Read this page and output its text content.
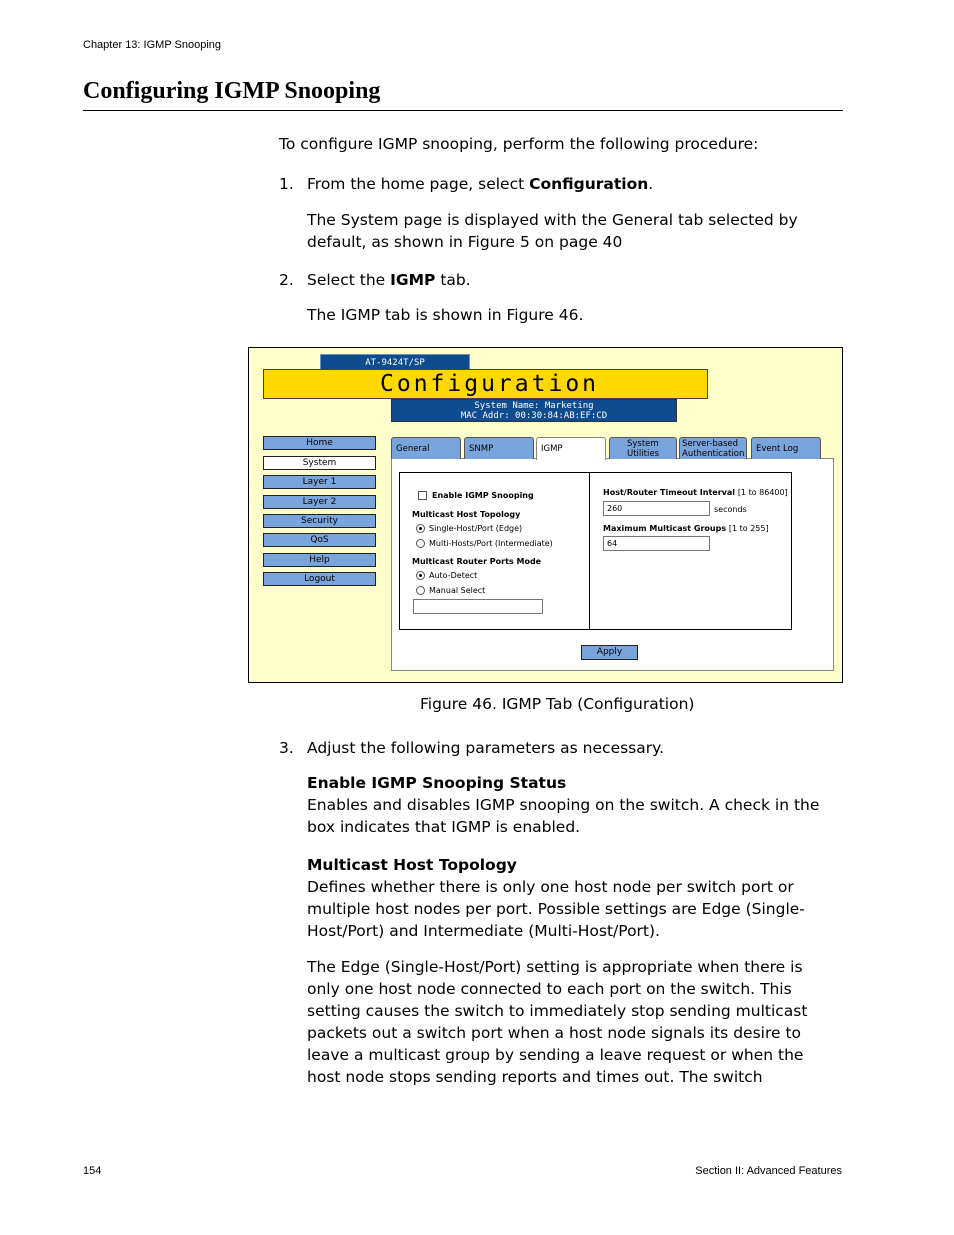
Chapter 13: IGMP Snooping
Configuring IGMP Snooping
To configure IGMP snooping, perform the following procedure:
1. From the home page, select Configuration.
The System page is displayed with the General tab selected by
default, as shown in Figure 5 on page 40
2. Select the IGMP tab.
The IGMP tab is shown in Figure 46.
AT-9424T/SP
Configuration
System Name: Marketing
MAC Addr: 00:30:84:AB:EF:CD
Home
System
Layer 1
Layer 2
Security
QoS
Help
Logout
General	SNMP	IGMP	System
Utilities
Server-based
Authentication	Event Log
Enable IGMP Snooping
Multicast Host Topology
Single-Host/Port (Edge)
Multi-Hosts/Port (Intermediate)
Multicast Router Ports Mode
Auto-Detect
Manual Select
Host/Router Timeout Interval [1 to 86400]
260	seconds
Maximum Multicast Groups [1 to 255]
64
Apply
Figure 46. IGMP Tab (Configuration)
3. Adjust the following parameters as necessary.
Enable IGMP Snooping Status
Enables and disables IGMP snooping on the switch. A check in the
box indicates that IGMP is enabled.
Multicast Host Topology
Defines whether there is only one host node per switch port or
multiple host nodes per port. Possible settings are Edge (Single-
Host/Port) and Intermediate (Multi-Host/Port).
The Edge (Single-Host/Port) setting is appropriate when there is
only one host node connected to each port on the switch. This
setting causes the switch to immediately stop sending multicast
packets out a switch port when a host node signals its desire to
leave a multicast group by sending a leave request or when the
host node stops sending reports and times out. The switch
154	Section II: Advanced Features
